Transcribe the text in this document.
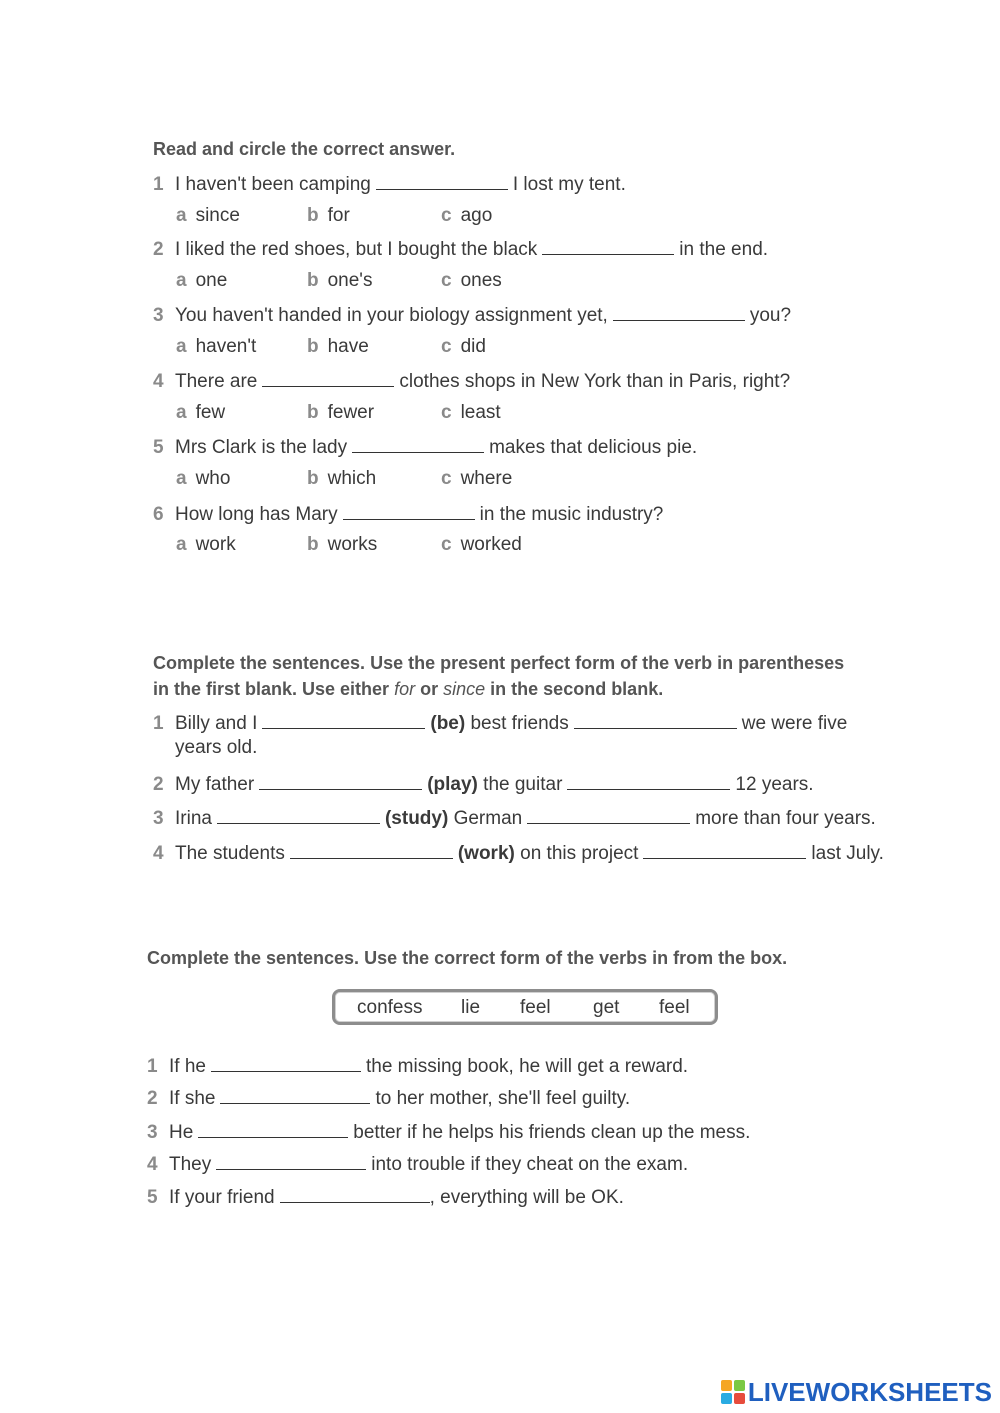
Read and circle the correct answer.
1 I haven't been camping	I lost my tent.
a since	b for	c ago
2 I liked the red shoes, but I bought the black	in the end.
a one	b one's	c ones
3 You haven't handed in your biology assignment yet,	you?
a haven't	b have	c did
4 There are	clothes shops in New York than in Paris, right?
a few	b fewer	c least
5 Mrs Clark is the lady	makes that delicious pie.
a who	b which	c where
6 How long has Mary	in the music industry?
a work	b works	c worked
Complete the sentences. Use the present perfect form of the verb in parentheses
in the first blank. Use either for or since in the second blank.
1 Billy and I	(be) best friends	we were five
years old.
2 My father	(play) the guitar	12 years.
3 Irina	(study) German	more than four years.
4 The students	(work) on this project	last July.
Complete the sentences. Use the correct form of the verbs in from the box.
confess lie feel get feel
1 If he	the missing book, he will get a reward.
2 If she	to her mother, she'll feel guilty.
3 He	better if he helps his friends clean up the mess.
4 They	into trouble if they cheat on the exam.
5 If your friend	, everything will be OK.
LIVEWORKSHEETS
